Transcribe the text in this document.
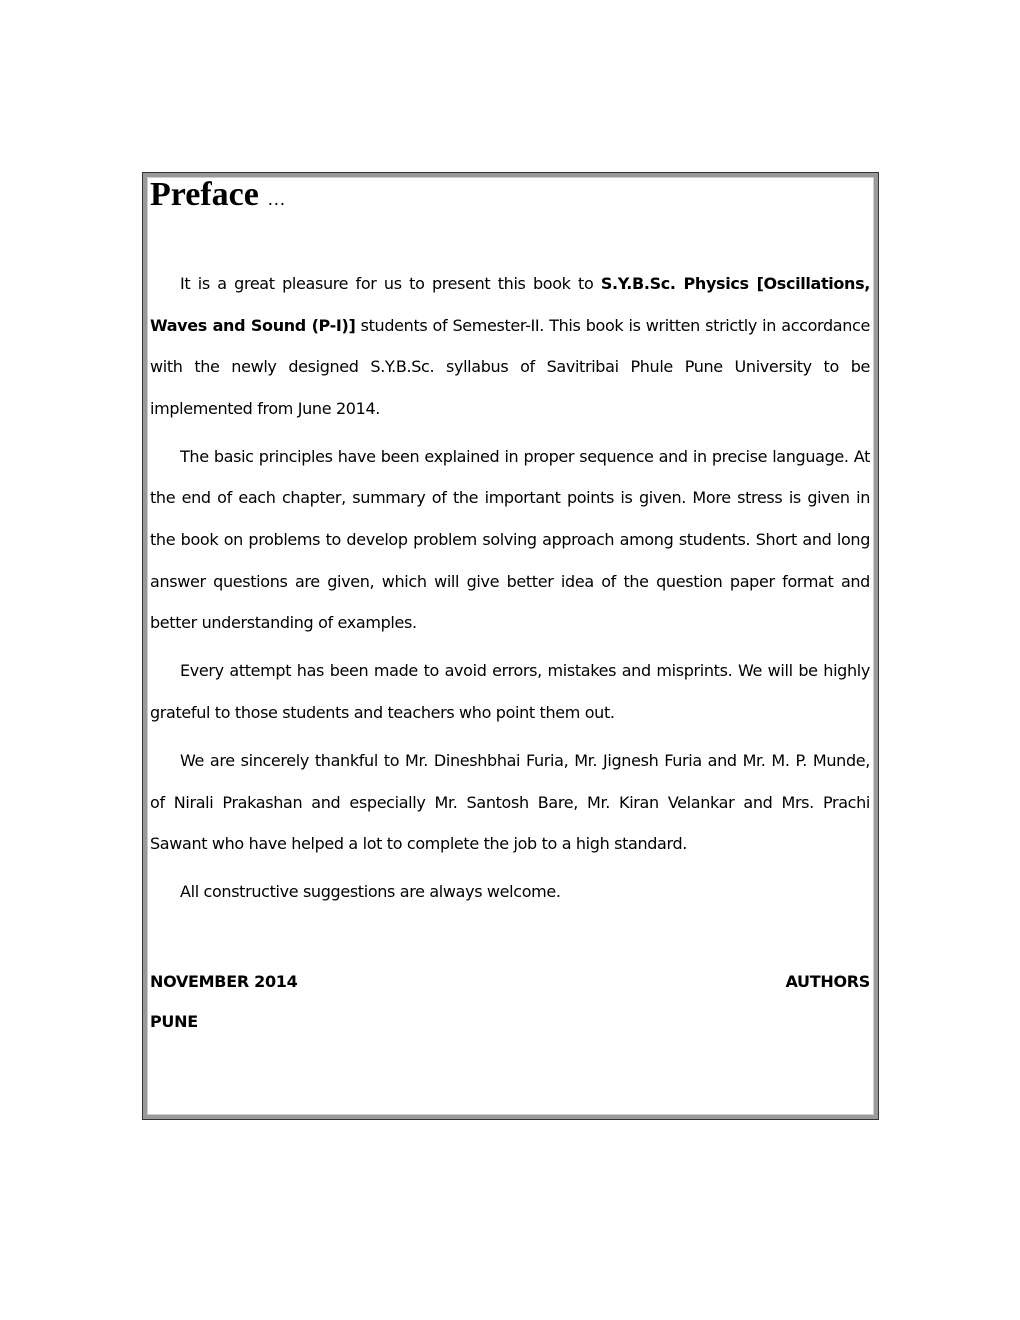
Preface …

It is a great pleasure for us to present this book to S.Y.B.Sc. Physics [Oscillations, Waves and Sound (P-I)] students of Semester-II. This book is written strictly in accordance with the newly designed S.Y.B.Sc. syllabus of Savitribai Phule Pune University to be implemented from June 2014.

The basic principles have been explained in proper sequence and in precise language. At the end of each chapter, summary of the important points is given. More stress is given in the book on problems to develop problem solving approach among students. Short and long answer questions are given, which will give better idea of the question paper format and better understanding of examples.

Every attempt has been made to avoid errors, mistakes and misprints. We will be highly grateful to those students and teachers who point them out.

We are sincerely thankful to Mr. Dineshbhai Furia, Mr. Jignesh Furia and Mr. M. P. Munde, of Nirali Prakashan and especially Mr. Santosh Bare, Mr. Kiran Velankar and Mrs. Prachi Sawant who have helped a lot to complete the job to a high standard.

All constructive suggestions are always welcome.

NOVEMBER 2014	AUTHORS
PUNE
